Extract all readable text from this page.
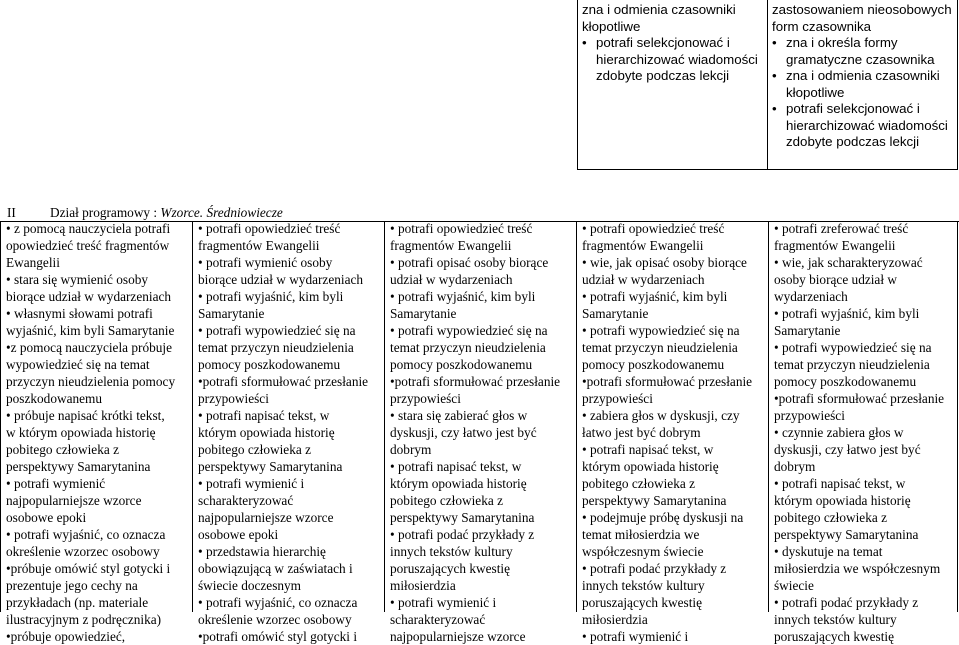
zna i odmienia czasowniki
kłopotliwe
• potrafi selekcjonować i
hierarchizować wiadomości
zdobyte podczas lekcji
zastosowaniem nieosobowych
form czasownika
• zna i określa formy
gramatyczne czasownika
• zna i odmienia czasowniki
kłopotliwe
• potrafi selekcjonować i
hierarchizować wiadomości
zdobyte podczas lekcji
II	Dział programowy : Wzorce. Średniowiecze
• z pomocą nauczyciela potrafi
opowiedzieć treść fragmentów
Ewangelii
• stara się wymienić osoby
biorące udział w wydarzeniach
• własnymi słowami potrafi
wyjaśnić, kim byli Samarytanie
•z pomocą nauczyciela próbuje
wypowiedzieć się na temat
przyczyn nieudzielenia pomocy
poszkodowanemu
• próbuje napisać krótki tekst,
w którym opowiada historię
pobitego człowieka z
perspektywy Samarytanina
• potrafi wymienić
najpopularniejsze wzorce
osobowe epoki
• potrafi wyjaśnić, co oznacza
określenie wzorzec osobowy
•próbuje omówić styl gotycki i
prezentuje jego cechy na
przykładach (np. materiale
ilustracyjnym z podręcznika)
•próbuje opowiedzieć,
• potrafi opowiedzieć treść
fragmentów Ewangelii
• potrafi wymienić osoby
biorące udział w wydarzeniach
• potrafi wyjaśnić, kim byli
Samarytanie
• potrafi wypowiedzieć się na
temat przyczyn nieudzielenia
pomocy poszkodowanemu
•potrafi sformułować przesłanie
przypowieści
• potrafi napisać tekst, w
którym opowiada historię
pobitego człowieka z
perspektywy Samarytanina
• potrafi wymienić i
scharakteryzować
najpopularniejsze wzorce
osobowe epoki
• przedstawia hierarchię
obowiązującą w zaświatach i
świecie doczesnym
• potrafi wyjaśnić, co oznacza
określenie wzorzec osobowy
•potrafi omówić styl gotycki i
• potrafi opowiedzieć treść
fragmentów Ewangelii
• potrafi opisać osoby biorące
udział w wydarzeniach
• potrafi wyjaśnić, kim byli
Samarytanie
• potrafi wypowiedzieć się na
temat przyczyn nieudzielenia
pomocy poszkodowanemu
•potrafi sformułować przesłanie
przypowieści
• stara się zabierać głos w
dyskusji, czy łatwo jest być
dobrym
• potrafi napisać tekst, w
którym opowiada historię
pobitego człowieka z
perspektywy Samarytanina
• potrafi podać przykłady z
innych tekstów kultury
poruszających kwestię
miłosierdzia
• potrafi wymienić i
scharakteryzować
najpopularniejsze wzorce
• potrafi opowiedzieć treść
fragmentów Ewangelii
• wie, jak opisać osoby biorące
udział w wydarzeniach
• potrafi wyjaśnić, kim byli
Samarytanie
• potrafi wypowiedzieć się na
temat przyczyn nieudzielenia
pomocy poszkodowanemu
•potrafi sformułować przesłanie
przypowieści
• zabiera głos w dyskusji, czy
łatwo jest być dobrym
• potrafi napisać tekst, w
którym opowiada historię
pobitego człowieka z
perspektywy Samarytanina
• podejmuje próbę dyskusji na
temat miłosierdzia we
współczesnym świecie
• potrafi podać przykłady z
innych tekstów kultury
poruszających kwestię
miłosierdzia
• potrafi wymienić i
• potrafi zreferować treść
fragmentów Ewangelii
• wie, jak scharakteryzować
osoby biorące udział w
wydarzeniach
• potrafi wyjaśnić, kim byli
Samarytanie
• potrafi wypowiedzieć się na
temat przyczyn nieudzielenia
pomocy poszkodowanemu
•potrafi sformułować przesłanie
przypowieści
• czynnie zabiera głos w
dyskusji, czy łatwo jest być
dobrym
• potrafi napisać tekst, w
którym opowiada historię
pobitego człowieka z
perspektywy Samarytanina
• dyskutuje na temat
miłosierdzia we współczesnym
świecie
• potrafi podać przykłady z
innych tekstów kultury
poruszających kwestię
